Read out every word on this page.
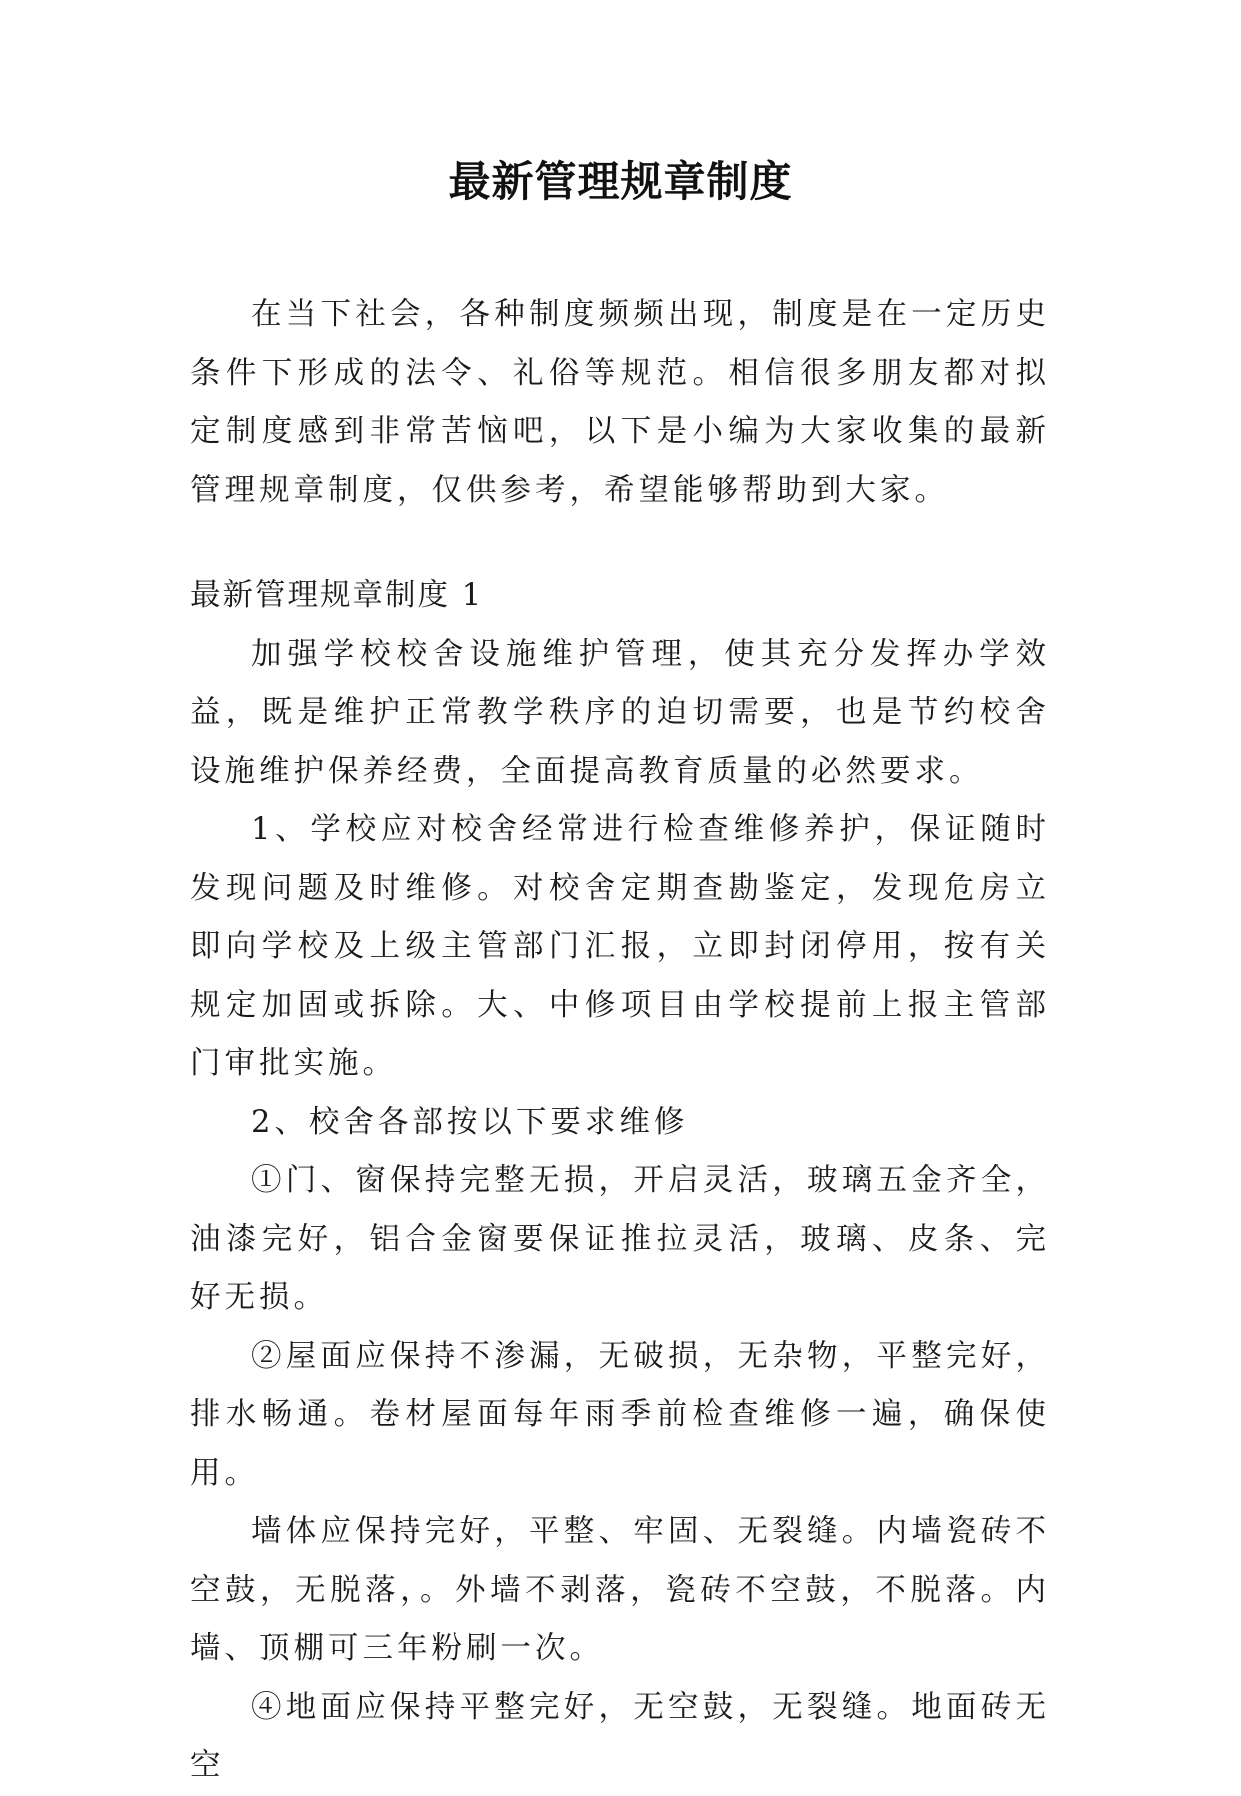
最新管理规章制度

在当下社会，各种制度频频出现，制度是在一定历史条件下形成的法令、礼俗等规范。相信很多朋友都对拟定制度感到非常苦恼吧，以下是小编为大家收集的最新管理规章制度，仅供参考，希望能够帮助到大家。

最新管理规章制度 1

加强学校校舍设施维护管理，使其充分发挥办学效益，既是维护正常教学秩序的迫切需要，也是节约校舍设施维护保养经费，全面提高教育质量的必然要求。

1、学校应对校舍经常进行检查维修养护，保证随时发现问题及时维修。对校舍定期查勘鉴定，发现危房立即向学校及上级主管部门汇报，立即封闭停用，按有关规定加固或拆除。大、中修项目由学校提前上报主管部门审批实施。

2、校舍各部按以下要求维修

①门、窗保持完整无损，开启灵活，玻璃五金齐全，油漆完好，铝合金窗要保证推拉灵活，玻璃、皮条、完好无损。

②屋面应保持不渗漏，无破损，无杂物，平整完好，排水畅通。卷材屋面每年雨季前检查维修一遍，确保使用。

墙体应保持完好，平整、牢固、无裂缝。内墙瓷砖不空鼓，无脱落，。外墙不剥落，瓷砖不空鼓，不脱落。内墙、顶棚可三年粉刷一次。

④地面应保持平整完好，无空鼓，无裂缝。地面砖无空
